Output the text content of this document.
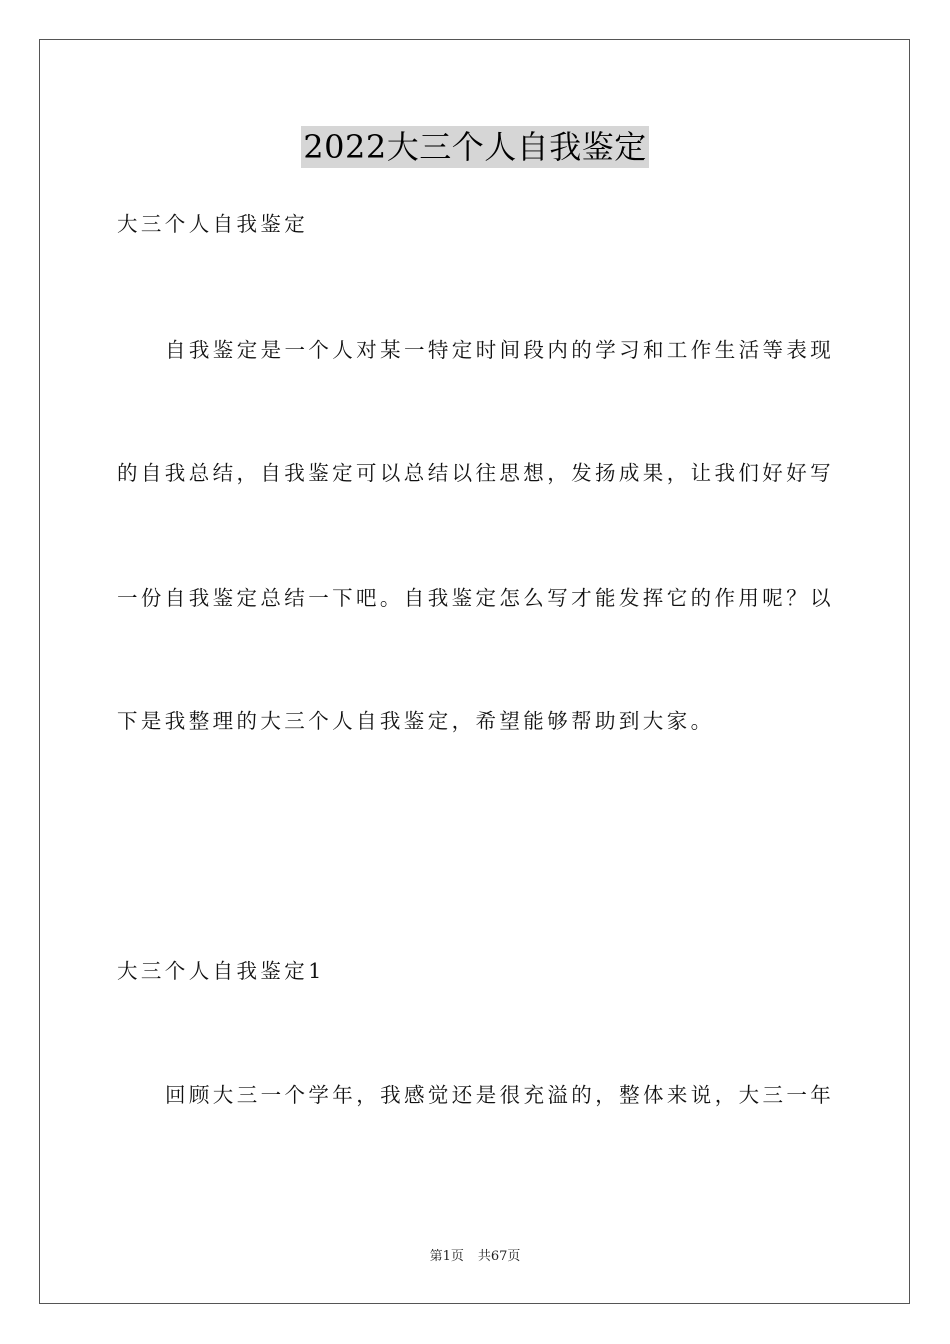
2022大三个人自我鉴定
大三个人自我鉴定
自我鉴定是一个人对某一特定时间段内的学习和工作生活等表现
的自我总结，自我鉴定可以总结以往思想，发扬成果，让我们好好写
一份自我鉴定总结一下吧。自我鉴定怎么写才能发挥它的作用呢？以
下是我整理的大三个人自我鉴定，希望能够帮助到大家。
大三个人自我鉴定1
回顾大三一个学年，我感觉还是很充溢的，整体来说，大三一年
第1页 共67页
